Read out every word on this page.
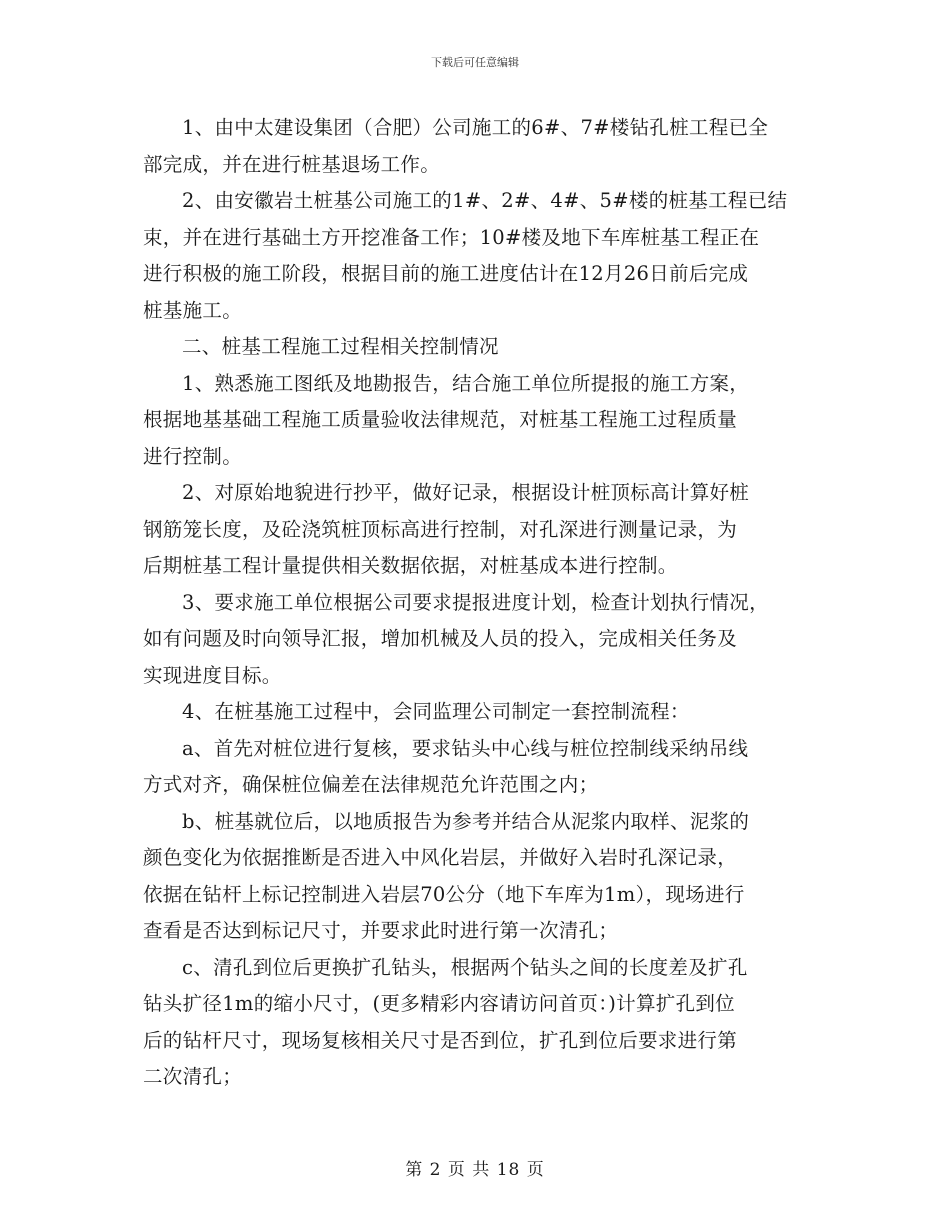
下载后可任意编辑

1、由中太建设集团（合肥）公司施工的6#、7#楼钻孔桩工程已全
部完成，并在进行桩基退场工作。

2、由安徽岩土桩基公司施工的1#、2#、4#、5#楼的桩基工程已结
束，并在进行基础土方开挖准备工作；10#楼及地下车库桩基工程正在
进行积极的施工阶段，根据目前的施工进度估计在12月26日前后完成
桩基施工。

二、桩基工程施工过程相关控制情况

1、熟悉施工图纸及地勘报告，结合施工单位所提报的施工方案，
根据地基基础工程施工质量验收法律规范，对桩基工程施工过程质量
进行控制。

2、对原始地貌进行抄平，做好记录，根据设计桩顶标高计算好桩
钢筋笼长度，及砼浇筑桩顶标高进行控制，对孔深进行测量记录，为
后期桩基工程计量提供相关数据依据，对桩基成本进行控制。

3、要求施工单位根据公司要求提报进度计划，检查计划执行情况，
如有问题及时向领导汇报，增加机械及人员的投入，完成相关任务及
实现进度目标。

4、在桩基施工过程中，会同监理公司制定一套控制流程：

a、首先对桩位进行复核，要求钻头中心线与桩位控制线采纳吊线
方式对齐，确保桩位偏差在法律规范允许范围之内；

b、桩基就位后，以地质报告为参考并结合从泥浆内取样、泥浆的
颜色变化为依据推断是否进入中风化岩层，并做好入岩时孔深记录，
依据在钻杆上标记控制进入岩层70公分（地下车库为1m），现场进行
查看是否达到标记尺寸，并要求此时进行第一次清孔；

c、清孔到位后更换扩孔钻头，根据两个钻头之间的长度差及扩孔
钻头扩径1m的缩小尺寸，(更多精彩内容请访问首页：)计算扩孔到位
后的钻杆尺寸，现场复核相关尺寸是否到位，扩孔到位后要求进行第
二次清孔；

第 2 页 共 18 页
